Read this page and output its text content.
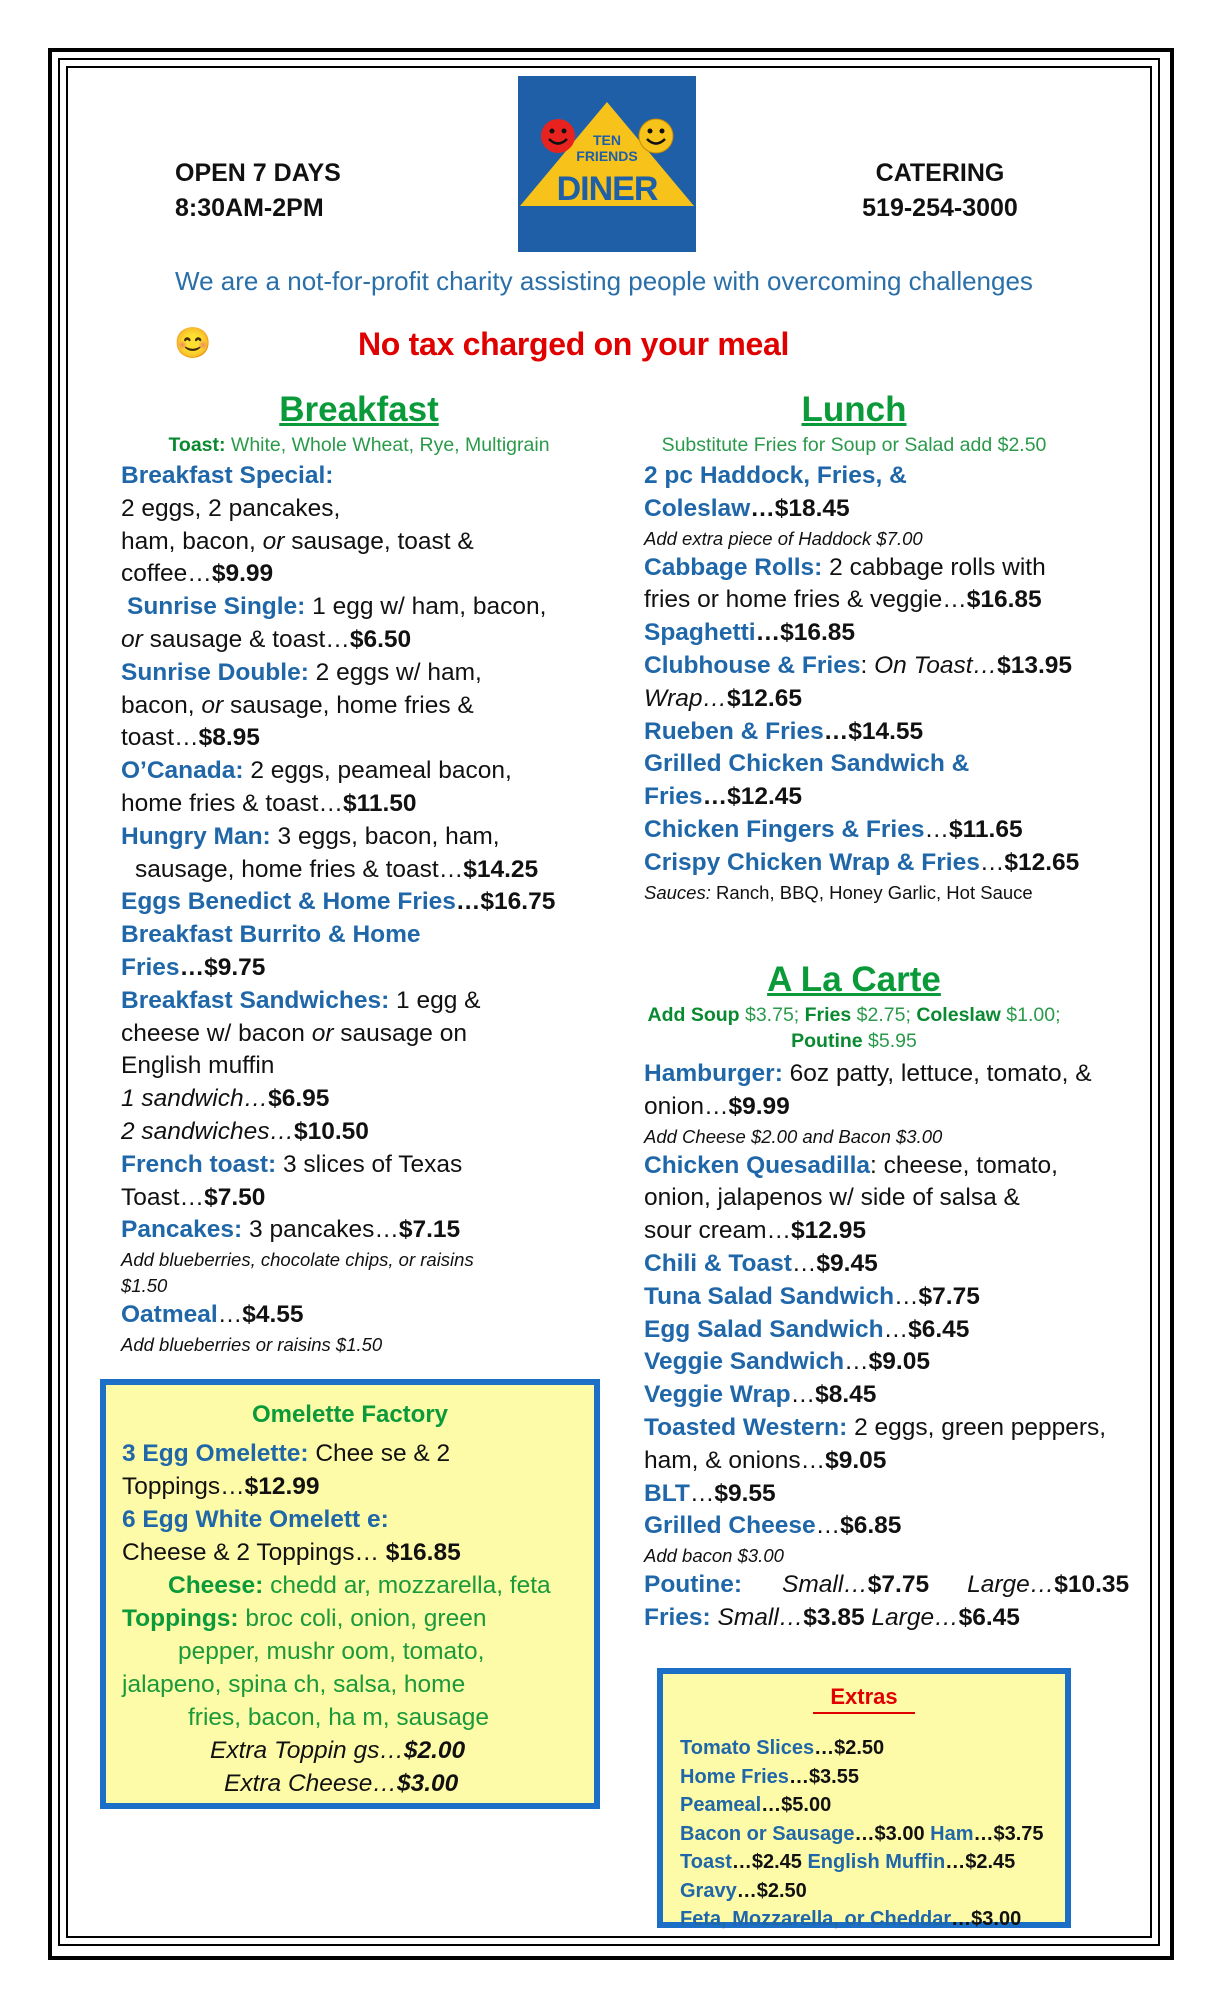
OPEN 7 DAYS
8:30AM-2PM
CATERING
519-254-3000
TEN
FRIENDS
DINER
We are a not-for-profit charity assisting people with overcoming challenges
😊	No tax charged on your meal
Breakfast
Toast: White, Whole Wheat, Rye, Multigrain
Breakfast Special:
2 eggs, 2 pancakes,
ham, bacon, or sausage, toast &
coffee…$9.99
Sunrise Single: 1 egg w/ ham, bacon,
or sausage & toast…$6.50
Sunrise Double: 2 eggs w/ ham,
bacon, or sausage, home fries &
toast…$8.95
O’Canada: 2 eggs, peameal bacon,
home fries & toast…$11.50
Hungry Man: 3 eggs, bacon, ham,
sausage, home fries & toast…$14.25
Eggs Benedict & Home Fries…$16.75
Breakfast Burrito & Home
Fries…$9.75
Breakfast Sandwiches: 1 egg &
cheese w/ bacon or sausage on
English muffin
1 sandwich…$6.95
2 sandwiches…$10.50
French toast: 3 slices of Texas
Toast…$7.50
Pancakes: 3 pancakes…$7.15
Add blueberries, chocolate chips, or raisins
$1.50
Oatmeal…$4.55
Add blueberries or raisins $1.50
Omelette Factory
3 Egg Omelette: Chee se & 2
Toppings…$12.99
6 Egg White Omelett e:
Cheese & 2 Toppings… $16.85
Cheese: chedd ar, mozzarella, feta
Toppings: broc coli, onion, green
pepper, mushr oom, tomato,
jalapeno, spina ch, salsa, home
fries, bacon, ha m, sausage
Extra Toppin gs…$2.00
Extra Cheese…$3.00
Lunch
Substitute Fries for Soup or Salad add $2.50
2 pc Haddock, Fries, &
Coleslaw…$18.45
Add extra piece of Haddock $7.00
Cabbage Rolls: 2 cabbage rolls with
fries or home fries & veggie…$16.85
Spaghetti…$16.85
Clubhouse & Fries: On Toast…$13.95
Wrap…$12.65
Rueben & Fries…$14.55
Grilled Chicken Sandwich &
Fries…$12.45
Chicken Fingers & Fries…$11.65
Crispy Chicken Wrap & Fries…$12.65
Sauces: Ranch, BBQ, Honey Garlic, Hot Sauce
A La Carte
Add Soup $3.75; Fries $2.75; Coleslaw $1.00;
Poutine $5.95
Hamburger: 6oz patty, lettuce, tomato, &
onion…$9.99
Add Cheese $2.00 and Bacon $3.00
Chicken Quesadilla: cheese, tomato,
onion, jalapenos w/ side of salsa &
sour cream…$12.95
Chili & Toast…$9.45
Tuna Salad Sandwich…$7.75
Egg Salad Sandwich…$6.45
Veggie Sandwich…$9.05
Veggie Wrap…$8.45
Toasted Western: 2 eggs, green peppers,
ham, & onions…$9.05
BLT…$9.55
Grilled Cheese…$6.85
Add bacon $3.00
Poutine: Small…$7.75 Large…$10.35
Fries: Small…$3.85 Large…$6.45
Extras
Tomato Slices…$2.50
Home Fries…$3.55
Peameal…$5.00
Bacon or Sausage…$3.00 Ham…$3.75
Toast…$2.45 English Muffin…$2.45
Gravy…$2.50
Feta, Mozzarella, or Cheddar…$3.00
